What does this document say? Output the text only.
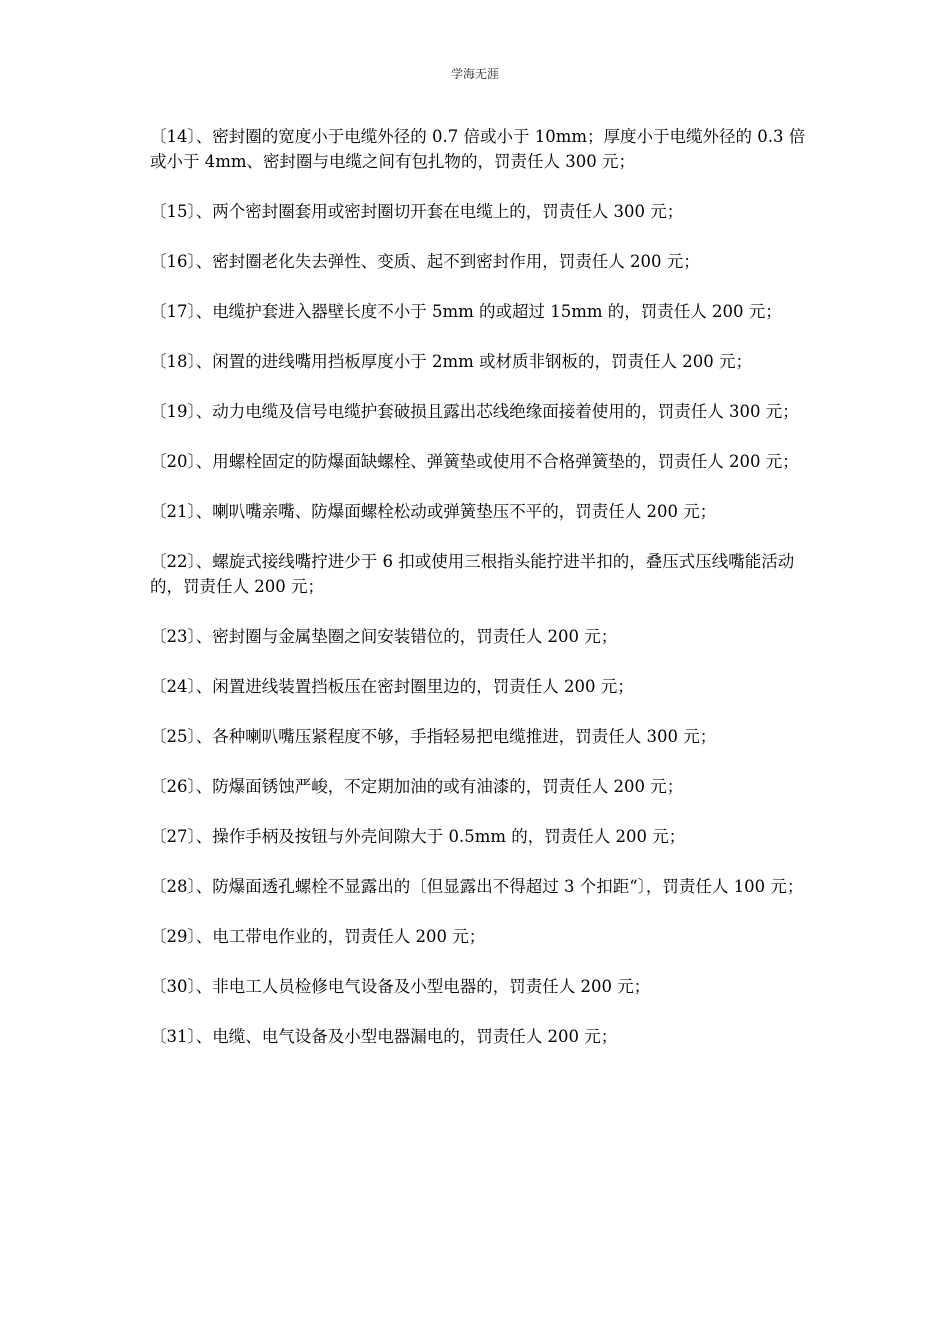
学海无涯

〔14〕、密封圈的宽度小于电缆外径的 0.7 倍或小于 10mm；厚度小于电缆外径的 0.3 倍或小于 4mm、密封圈与电缆之间有包扎物的，罚责任人 300 元；

〔15〕、两个密封圈套用或密封圈切开套在电缆上的，罚责任人 300 元；

〔16〕、密封圈老化失去弹性、变质、起不到密封作用，罚责任人 200 元；

〔17〕、电缆护套进入器壁长度不小于 5mm 的或超过 15mm 的，罚责任人 200 元；

〔18〕、闲置的进线嘴用挡板厚度小于 2mm 或材质非钢板的，罚责任人 200 元；

〔19〕、动力电缆及信号电缆护套破损且露出芯线绝缘面接着使用的，罚责任人 300 元；

〔20〕、用螺栓固定的防爆面缺螺栓、弹簧垫或使用不合格弹簧垫的，罚责任人 200 元；

〔21〕、喇叭嘴亲嘴、防爆面螺栓松动或弹簧垫压不平的，罚责任人 200 元；

〔22〕、螺旋式接线嘴拧进少于 6 扣或使用三根指头能拧进半扣的，叠压式压线嘴能活动的，罚责任人 200 元；

〔23〕、密封圈与金属垫圈之间安装错位的，罚责任人 200 元；

〔24〕、闲置进线装置挡板压在密封圈里边的，罚责任人 200 元；

〔25〕、各种喇叭嘴压紧程度不够，手指轻易把电缆推进，罚责任人 300 元；

〔26〕、防爆面锈蚀严峻，不定期加油的或有油漆的，罚责任人 200 元；

〔27〕、操作手柄及按钮与外壳间隙大于 0.5mm 的，罚责任人 200 元；

〔28〕、防爆面透孔螺栓不显露出的〔但显露出不得超过 3 个扣距“〕，罚责任人 100 元；

〔29〕、电工带电作业的，罚责任人 200 元；

〔30〕、非电工人员检修电气设备及小型电器的，罚责任人 200 元；

〔31〕、电缆、电气设备及小型电器漏电的，罚责任人 200 元；
